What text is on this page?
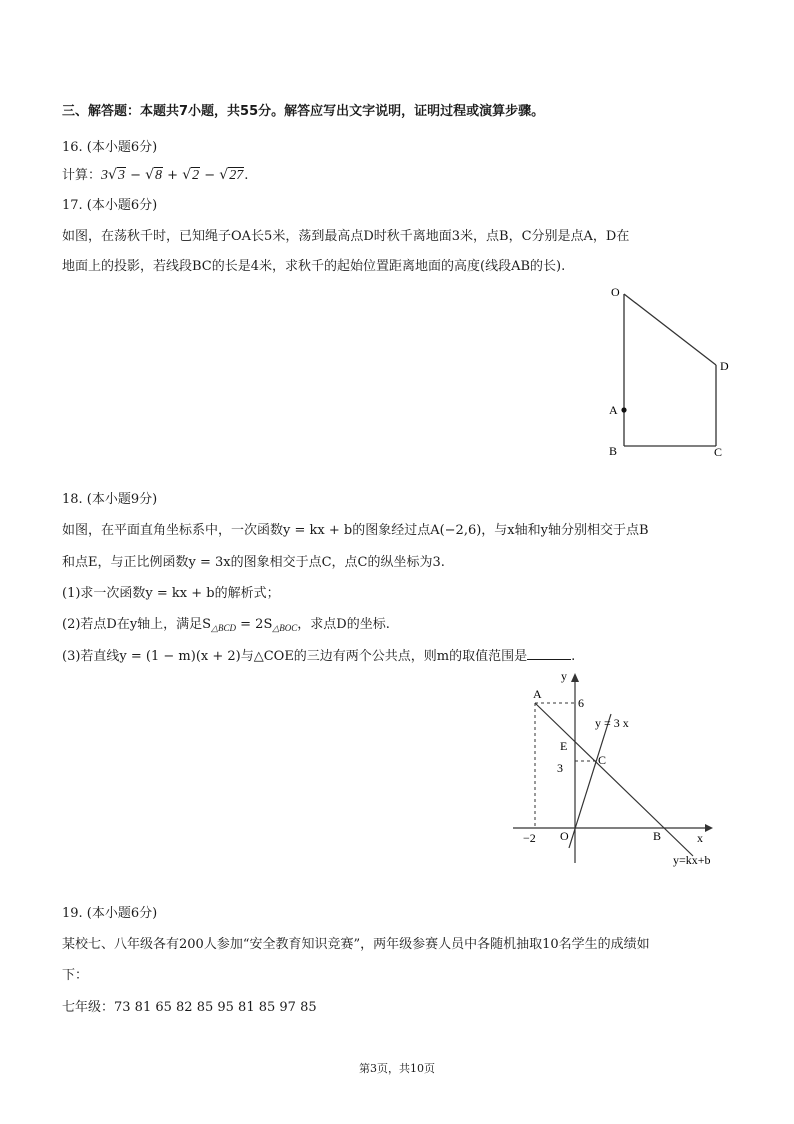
三、解答题：本题共7小题，共55分。解答应写出文字说明，证明过程或演算步骤。
16. (本小题6分)
计算：3√3 − √8 + √2 − √27.
17. (本小题6分)
如图，在荡秋千时，已知绳子OA长5米，荡到最高点D时秋千离地面3米，点B，C分别是点A，D在
地面上的投影，若线段BC的长是4米，求秋千的起始位置距离地面的高度(线段AB的长).
O
D
A
B	C
18. (本小题9分)
如图，在平面直角坐标系中，一次函数y = kx + b的图象经过点A(−2,6)，与x轴和y轴分别相交于点B
和点E，与正比例函数y = 3x的图象相交于点C，点C的纵坐标为3.
(1)求一次函数y = kx + b的解析式；
(2)若点D在y轴上，满足$S_{\triangle BCD} = 2S_{\triangle BOC}$，求点D的坐标.
(3)若直线y = (1 − m)(x + 2)与△COE的三边有两个公共点，则m的取值范围是	.
y
x
A
6
y = 3 x
E
C
3
−2 O	B
y=kx+b
19. (本小题6分)
某校七、八年级各有200人参加“安全教育知识竞赛”，两年级参赛人员中各随机抽取10名学生的成绩如
下：
七年级：73 81 65 82 85 95 81 85 97 85
第3页，共10页
